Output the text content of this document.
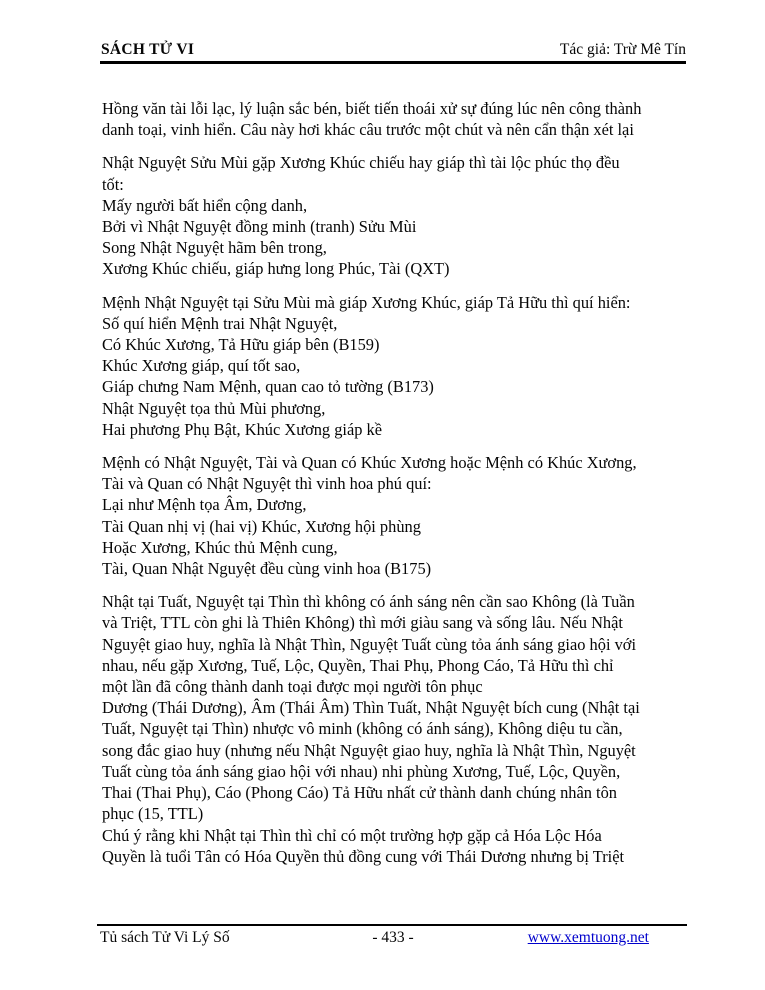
SÁCH TỬ VI	Tác giả: Trừ Mê Tín
Hồng văn tài lỗi lạc, lý luận sắc bén, biết tiến thoái xử sự đúng lúc nên công thành
danh toại, vinh hiển. Câu này hơi khác câu trước một chút và nên cẩn thận xét lại
Nhật Nguyệt Sửu Mùi gặp Xương Khúc chiếu hay giáp thì tài lộc phúc thọ đều
tốt:
Mấy người bất hiển cộng danh,
Bởi vì Nhật Nguyệt đồng minh (tranh) Sửu Mùi
Song Nhật Nguyệt hãm bên trong,
Xương Khúc chiếu, giáp hưng long Phúc, Tài (QXT)
Mệnh Nhật Nguyệt tại Sửu Mùi mà giáp Xương Khúc, giáp Tả Hữu thì quí hiển:
Số quí hiển Mệnh trai Nhật Nguyệt,
Có Khúc Xương, Tả Hữu giáp bên (B159)
Khúc Xương giáp, quí tốt sao,
Giáp chưng Nam Mệnh, quan cao tỏ tường (B173)
Nhật Nguyệt tọa thủ Mùi phương,
Hai phương Phụ Bật, Khúc Xương giáp kề
Mệnh có Nhật Nguyệt, Tài và Quan có Khúc Xương hoặc Mệnh có Khúc Xương,
Tài và Quan có Nhật Nguyệt thì vinh hoa phú quí:
Lại như Mệnh tọa Âm, Dương,
Tài Quan nhị vị (hai vị) Khúc, Xương hội phùng
Hoặc Xương, Khúc thủ Mệnh cung,
Tài, Quan Nhật Nguyệt đều cùng vinh hoa (B175)
Nhật tại Tuất, Nguyệt tại Thìn thì không có ánh sáng nên cần sao Không (là Tuần
và Triệt, TTL còn ghi là Thiên Không) thì mới giàu sang và sống lâu. Nếu Nhật
Nguyệt giao huy, nghĩa là Nhật Thìn, Nguyệt Tuất cùng tỏa ánh sáng giao hội với
nhau, nếu gặp Xương, Tuế, Lộc, Quyền, Thai Phụ, Phong Cáo, Tả Hữu thì chỉ
một lần đã công thành danh toại được mọi người tôn phục
Dương (Thái Dương), Âm (Thái Âm) Thìn Tuất, Nhật Nguyệt bích cung (Nhật tại
Tuất, Nguyệt tại Thìn) nhược vô minh (không có ánh sáng), Không diệu tu cần,
song đắc giao huy (nhưng nếu Nhật Nguyệt giao huy, nghĩa là Nhật Thìn, Nguyệt
Tuất cùng tỏa ánh sáng giao hội với nhau) nhi phùng Xương, Tuế, Lộc, Quyền,
Thai (Thai Phụ), Cáo (Phong Cáo) Tả Hữu nhất cử thành danh chúng nhân tôn
phục (15, TTL)
Chú ý rằng khi Nhật tại Thìn thì chỉ có một trường hợp gặp cả Hóa Lộc Hóa
Quyền là tuổi Tân có Hóa Quyền thủ đồng cung với Thái Dương nhưng bị Triệt
Tủ sách Tử Vi Lý Số	- 433 -	www.xemtuong.net
